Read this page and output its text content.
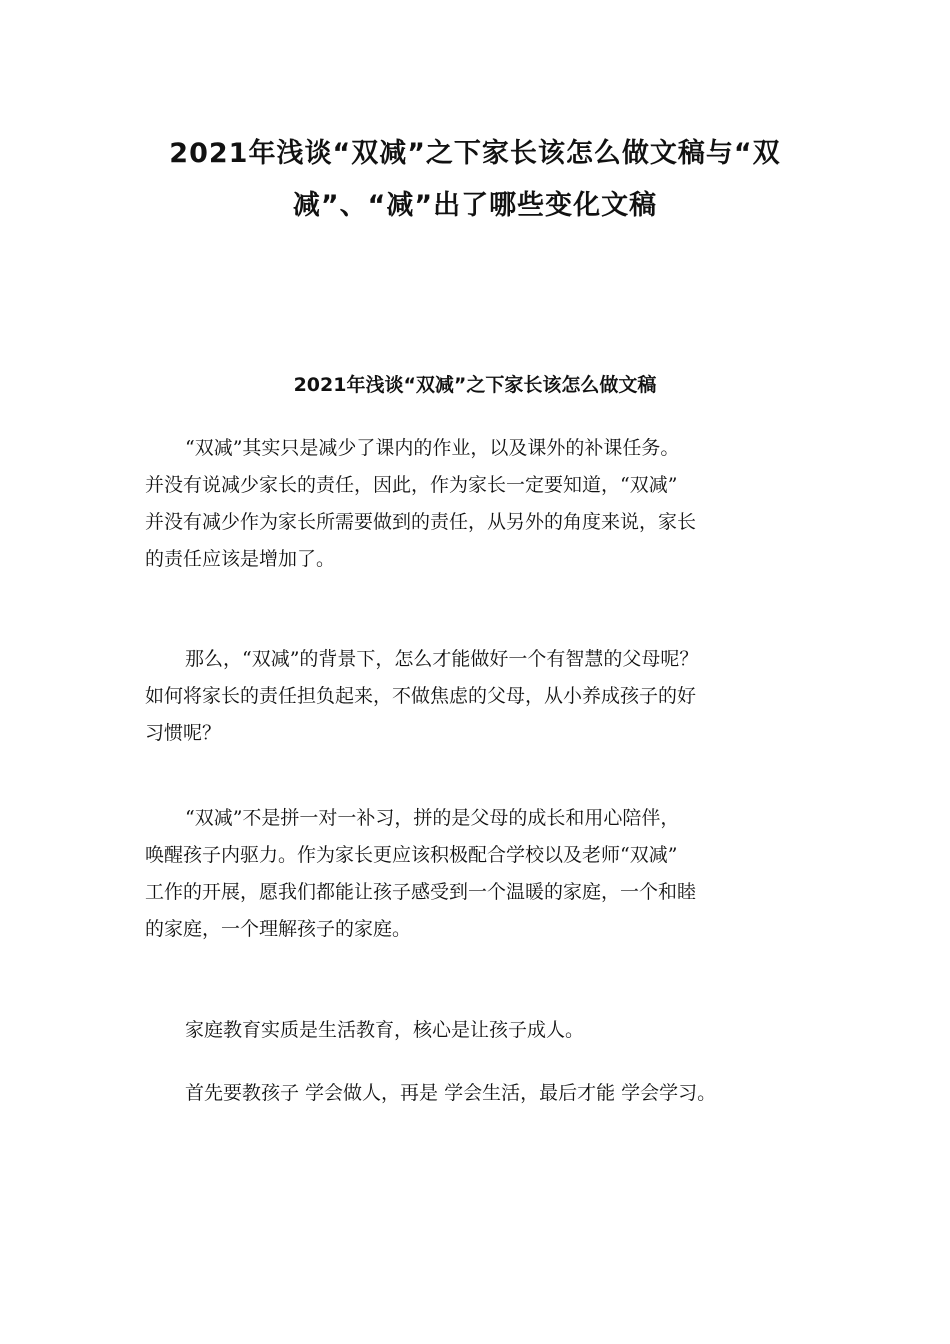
2021年浅谈“双减”之下家长该怎么做文稿与“双
减”、“减”出了哪些变化文稿
2021年浅谈“双减”之下家长该怎么做文稿

“双减”其实只是减少了课内的作业，以及课外的补课任务。
并没有说减少家长的责任，因此，作为家长一定要知道，“双减”
并没有减少作为家长所需要做到的责任，从另外的角度来说，家长
的责任应该是增加了。

那么，“双减”的背景下，怎么才能做好一个有智慧的父母呢？
如何将家长的责任担负起来，不做焦虑的父母，从小养成孩子的好
习惯呢？

“双减”不是拼一对一补习，拼的是父母的成长和用心陪伴，
唤醒孩子内驱力。作为家长更应该积极配合学校以及老师“双减”
工作的开展，愿我们都能让孩子感受到一个温暖的家庭，一个和睦
的家庭，一个理解孩子的家庭。

家庭教育实质是生活教育，核心是让孩子成人。

首先要教孩子 学会做人，再是 学会生活，最后才能 学会学习。
